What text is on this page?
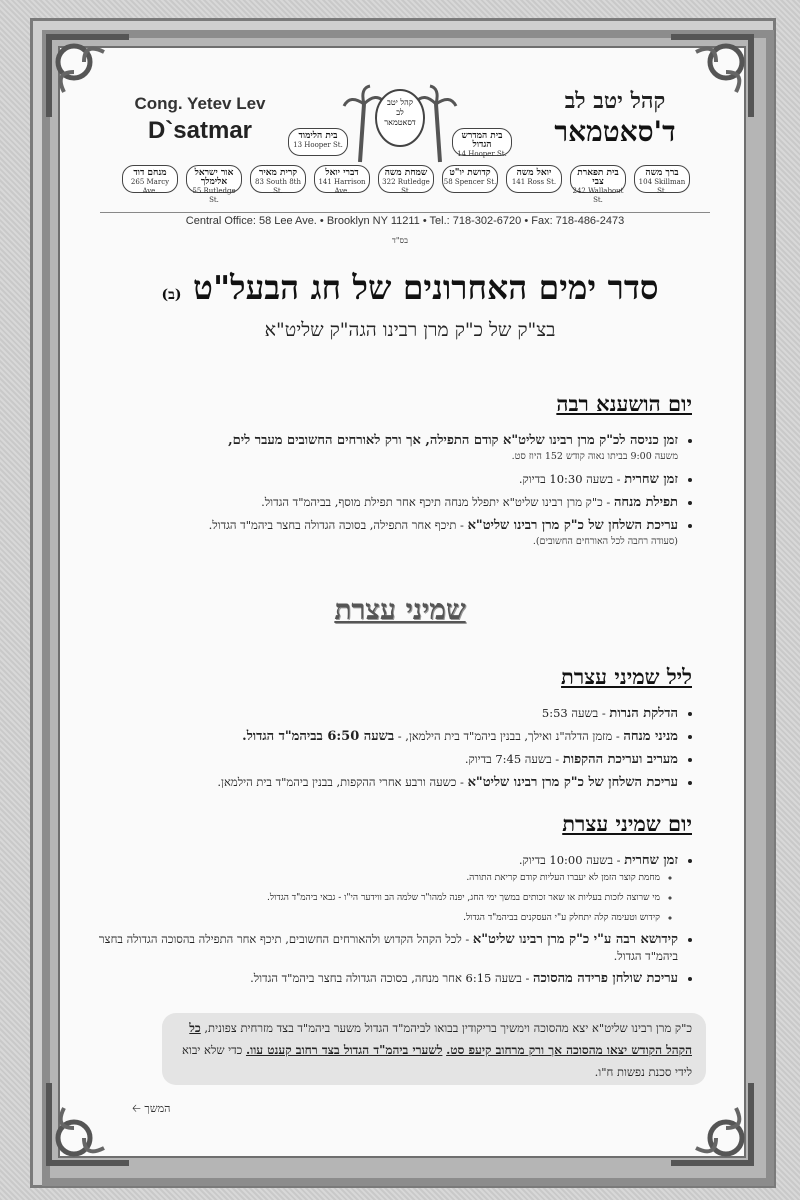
Cong. Yetev Lev
D`satmar
קהל יטב לב
ד'סאטמאר
קהל יטב לב דסאטמאר
בית הלימוד
13 Hooper St.
בית המדרש הגדול
14 Hooper St.
מנחם דוד
265 Marcy Ave.
אור ישראל אלימלך
55 Rutledge St.
קרית מאיר
83 South 8th St.
דברי יואל
141 Harrison Ave.
שמחת משה
322 Rutledge St.
קדושת יו"ט
58 Spencer St.
יואל משה
141 Ross St.
בית תפארת צבי
242 Wallabout St.
ברך משה
104 Skillman St.
Central Office: 58 Lee Ave. • Brooklyn NY 11211 • Tel.: 718-302-6720 • Fax: 718-486-2473
בס"ד
סדר ימים האחרונים של חג הבעל"ט (ב)
בצ"ק של כ"ק מרן רבינו הגה"ק שליט"א
יום הושענא רבה
• זמן כניסה לכ"ק מרן רבינו שליט"א קודם התפילה, אך ורק לאורחים החשובים מעבר לים,
משעה 9:00 בביתו נאוה קודש 152 היוז סט.
• זמן שחרית - בשעה 10:30 בדיוק.
• תפילת מנחה - כ"ק מרן רבינו שליט"א יתפלל מנחה תיכף אחר תפילת מוסף, בביהמ"ד הגדול.
• עריכת השלחן של כ"ק מרן רבינו שליט"א - תיכף אחר התפילה, בסוכה הגדולה בחצר ביהמ"ד הגדול.
(סעודה רחבה לכל האורחים החשובים).
שמיני עצרת
ליל שמיני עצרת
• הדלקת הנרות - בשעה 5:53
• מניני מנחה - מזמן הדלה"נ ואילך, בבנין ביהמ"ד בית הילמאן, - בשעה 6:50 בביהמ"ד הגדול.
• מעריב ועריכת ההקפות - בשעה 7:45 בדיוק.
• עריכת השלחן של כ"ק מרן רבינו שליט"א - כשעה ורבע אחרי ההקפות, בבנין ביהמ"ד בית הילמאן.
יום שמיני עצרת
• זמן שחרית - בשעה 10:00 בדיוק.
◦ מחמת קוצר הזמן לא יעברו העליות קודם קריאת התורה.
◦ מי שרוצה לזכות בעליות או שאר זכותים במשך ימי החג, יפנה למהו"ר שלמה הב ווידער הי"ו - גבאי ביהמ"ד הגדול.
◦ קידוש וטעימה קלה יתחלק ע"י העסקנים בביהמ"ד הגדול.
• קידושא רבה ע"י כ"ק מרן רבינו שליט"א - לכל הקהל הקדוש ולהאורחים החשובים, תיכף אחר התפילה בהסוכה הגדולה בחצר ביהמ"ד הגדול.
• עריכת שולחן פרידה מהסוכה - בשעה 6:15 אחר מנחה, בסוכה הגדולה בחצר ביהמ"ד הגדול.
כ"ק מרן רבינו שליט"א יצא מהסוכה וימשיך בריקודין בבואו לביהמ"ד הגדול משער ביהמ"ד בצד מזרחית צפונית, כל הקהל הקודש יצאו מהסוכה אך ורק מרחוב קיעפ סט. לשערי ביהמ"ד הגדול בצד רחוב קענט עוו. כדי שלא יבוא לידי סכנת נפשות ח"ו.
המשך 🡠
